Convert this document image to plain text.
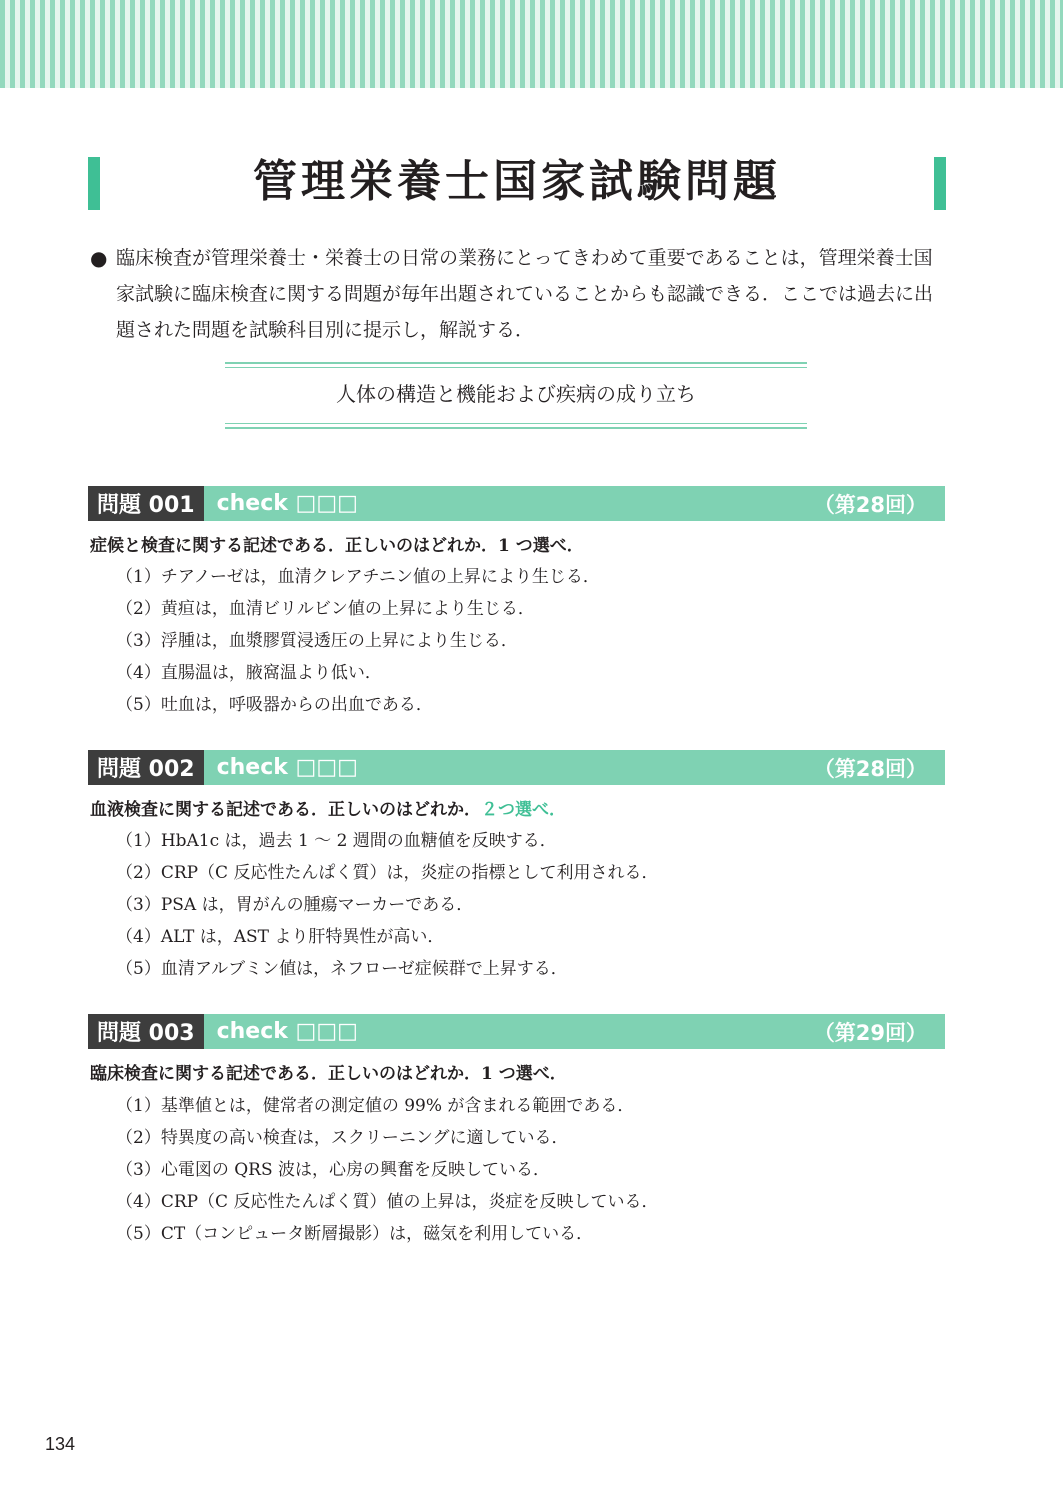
管理栄養士国家試験問題
● 臨床検査が管理栄養士・栄養士の日常の業務にとってきわめて重要であることは，管理栄養士国家試験に臨床検査に関する問題が毎年出題されていることからも認識できる．ここでは過去に出題された問題を試験科目別に提示し，解説する．
人体の構造と機能および疾病の成り立ち
問題 001	check □□□	（第28回）
症候と検査に関する記述である．正しいのはどれか．1 つ選べ．
（1）チアノーゼは，血清クレアチニン値の上昇により生じる．
（2）黄疸は，血清ビリルビン値の上昇により生じる．
（3）浮腫は，血漿膠質浸透圧の上昇により生じる．
（4）直腸温は，腋窩温より低い．
（5）吐血は，呼吸器からの出血である．
問題 002	check □□□	（第28回）
血液検査に関する記述である．正しいのはどれか．２つ選べ．
（1）HbA1c は，過去 1 ～ 2 週間の血糖値を反映する．
（2）CRP（C 反応性たんぱく質）は，炎症の指標として利用される．
（3）PSA は，胃がんの腫瘍マーカーである．
（4）ALT は，AST より肝特異性が高い．
（5）血清アルブミン値は，ネフローゼ症候群で上昇する．
問題 003	check □□□	（第29回）
臨床検査に関する記述である．正しいのはどれか．1 つ選べ．
（1）基準値とは，健常者の測定値の 99% が含まれる範囲である．
（2）特異度の高い検査は，スクリーニングに適している．
（3）心電図の QRS 波は，心房の興奮を反映している．
（4）CRP（C 反応性たんぱく質）値の上昇は，炎症を反映している．
（5）CT（コンピュータ断層撮影）は，磁気を利用している．
134
